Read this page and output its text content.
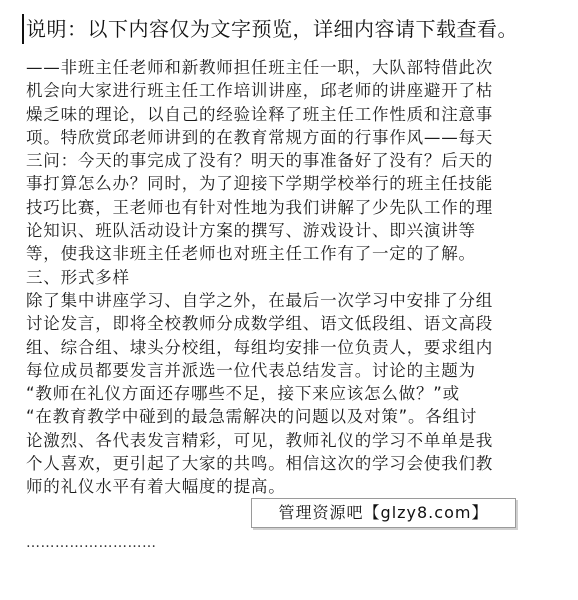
说明：以下内容仅为文字预览，详细内容请下载查看。
——非班主任老师和新教师担任班主任一职，大队部特借此次
机会向大家进行班主任工作培训讲座，邱老师的讲座避开了枯
燥乏味的理论，以自己的经验诠释了班主任工作性质和注意事
项。特欣赏邱老师讲到的在教育常规方面的行事作风——每天
三问：今天的事完成了没有？明天的事准备好了没有？后天的
事打算怎么办？同时，为了迎接下学期学校举行的班主任技能
技巧比赛，王老师也有针对性地为我们讲解了少先队工作的理
论知识、班队活动设计方案的撰写、游戏设计、即兴演讲等
等，使我这非班主任老师也对班主任工作有了一定的了解。
三、形式多样
除了集中讲座学习、自学之外，在最后一次学习中安排了分组
讨论发言，即将全校教师分成数学组、语文低段组、语文高段
组、综合组、埭头分校组，每组均安排一位负责人，要求组内
每位成员都要发言并派选一位代表总结发言。讨论的主题为
“教师在礼仪方面还存哪些不足，接下来应该怎么做？”或
“在教育教学中碰到的最急需解决的问题以及对策”。各组讨
论激烈、各代表发言精彩，可见，教师礼仪的学习不单单是我
个人喜欢，更引起了大家的共鸣。相信这次的学习会使我们教
师的礼仪水平有着大幅度的提高。
………………………
管理资源吧【glzy8.com】
